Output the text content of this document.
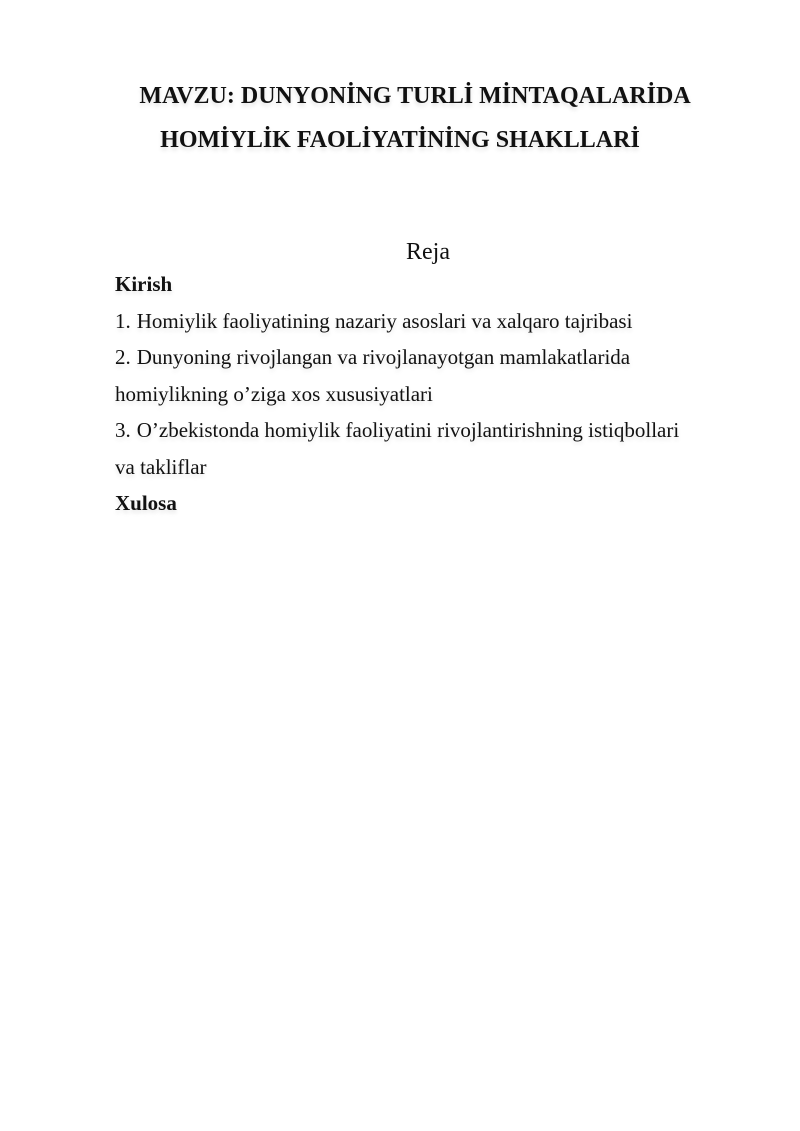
MAVZU: DUNYONİNG TURLİ MİNTAQALARİDA
HOMİYLİK FAOLİYATİNİNG SHAKLLARİ
Reja

Kirish

1. Homiylik faoliyatining nazariy asoslari va xalqaro tajribasi

2. Dunyoning rivojlangan va rivojlanayotgan mamlakatlarida

homiylikning o’ziga xos xususiyatlari

3. O’zbekistonda homiylik faoliyatini rivojlantirishning istiqbollari

va takliflar

Xulosa
